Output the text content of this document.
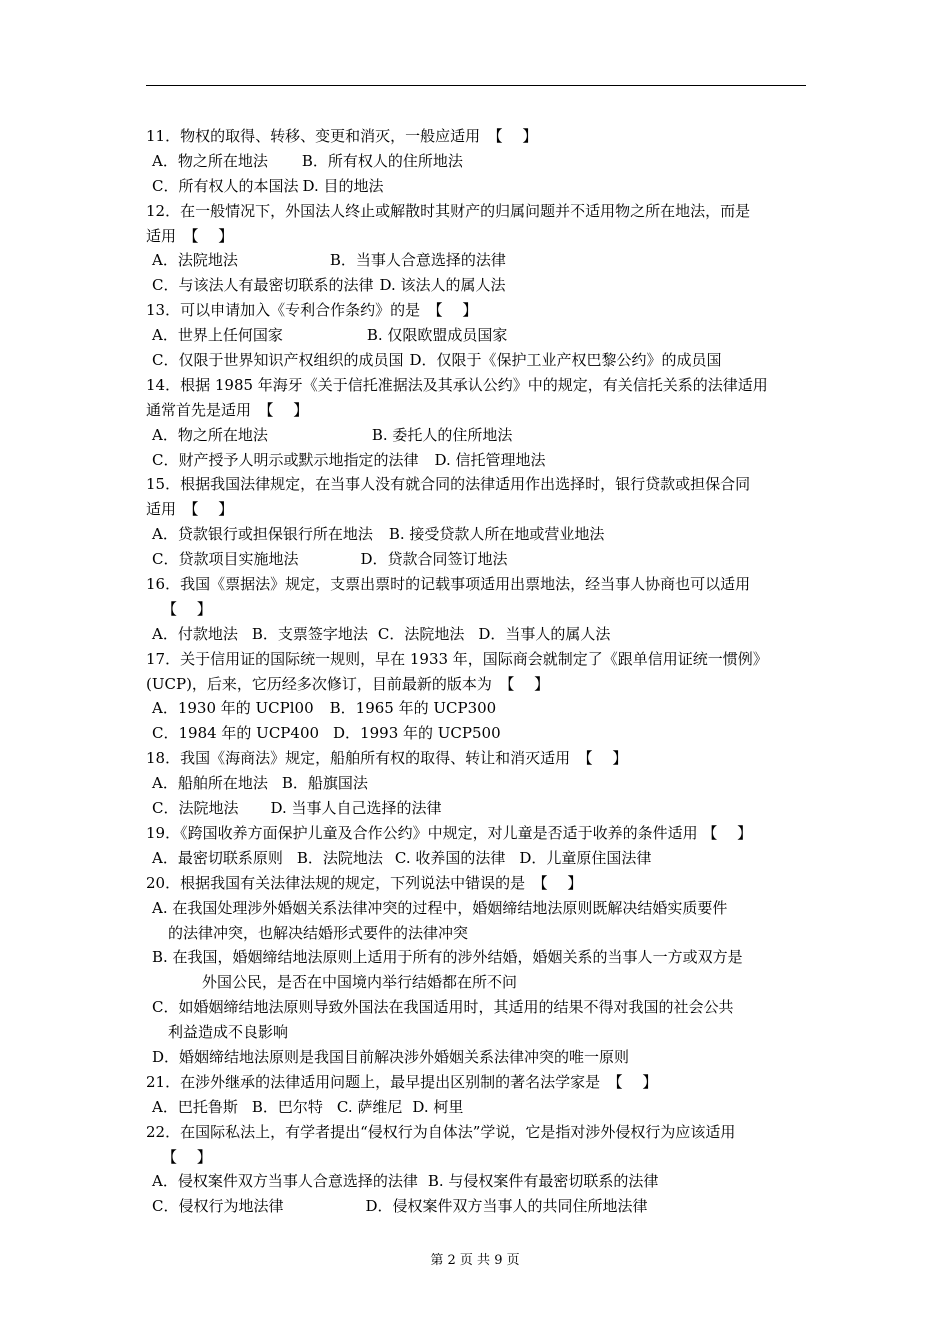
11．物权的取得、转移、变更和消灭，一般应适用　【　 】
A．物之所在地法 B．所有权人的住所地法
C．所有权人的本国法 D. 目的地法
12．在一般情况下，外国法人终止或解散时其财产的归属问题并不适用物之所在地法，而是
适用　【　 】
A．法院地法	B．当事人合意选择的法律
C．与该法人有最密切联系的法律 D. 该法人的属人法
13．可以申请加入《专利合作条约》的是　【　 】
A．世界上任何国家	B. 仅限欧盟成员国家
C．仅限于世界知识产权组织的成员国 D．仅限于《保护工业产权巴黎公约》的成员国
14．根据 1985 年海牙《关于信托准据法及其承认公约》中的规定，有关信托关系的法律适用
通常首先是适用　【　 】
A．物之所在地法	B. 委托人的住所地法
C．财产授予人明示或默示地指定的法律 D. 信托管理地法
15．根据我国法律规定，在当事人没有就合同的法律适用作出选择时，银行贷款或担保合同
适用　【　 】
A．贷款银行或担保银行所在地法 B. 接受贷款人所在地或营业地法
C．贷款项目实施地法	D．贷款合同签订地法
16．我国《票据法》规定，支票出票时的记载事项适用出票地法，经当事人协商也可以适用
【　 】
A．付款地法 B．支票签字地法 C．法院地法 D．当事人的属人法
17．关于信用证的国际统一规则，早在 1933 年，国际商会就制定了《跟单信用证统一惯例》
(UCP)，后来，它历经多次修订，目前最新的版本为　【　 】
A．1930 年的 UCPl00 B．1965 年的 UCP300
C．1984 年的 UCP400 D．1993 年的 UCP500
18．我国《海商法》规定，船舶所有权的取得、转让和消灭适用　【　 】
A．船舶所在地法 B．船旗国法
C．法院地法 D. 当事人自己选择的法律
19．《跨国收养方面保护儿童及合作公约》中规定，对儿童是否适于收养的条件适用 【　 】
A．最密切联系原则 B．法院地法 C. 收养国的法律 D．儿童原住国法律
20．根据我国有关法律法规的规定，下列说法中错误的是　【　 】
A. 在我国处理涉外婚姻关系法律冲突的过程中，婚姻缔结地法原则既解决结婚实质要件
的法律冲突，也解决结婚形式要件的法律冲突
B. 在我国，婚姻缔结地法原则上适用于所有的涉外结婚，婚姻关系的当事人一方或双方是
外国公民，是否在中国境内举行结婚都在所不问
C．如婚姻缔结地法原则导致外国法在我国适用时，其适用的结果不得对我国的社会公共
利益造成不良影响
D．婚姻缔结地法原则是我国目前解决涉外婚姻关系法律冲突的唯一原则
21．在涉外继承的法律适用问题上，最早提出区别制的著名法学家是　【　 】
A．巴托鲁斯 B．巴尔特 C. 萨维尼 D. 柯里
22．在国际私法上，有学者提出“侵权行为自体法”学说，它是指对涉外侵权行为应该适用
【　 】
A．侵权案件双方当事人合意选择的法律 B. 与侵权案件有最密切联系的法律
C．侵权行为地法律	D．侵权案件双方当事人的共同住所地法律
第 2 页 共 9 页
